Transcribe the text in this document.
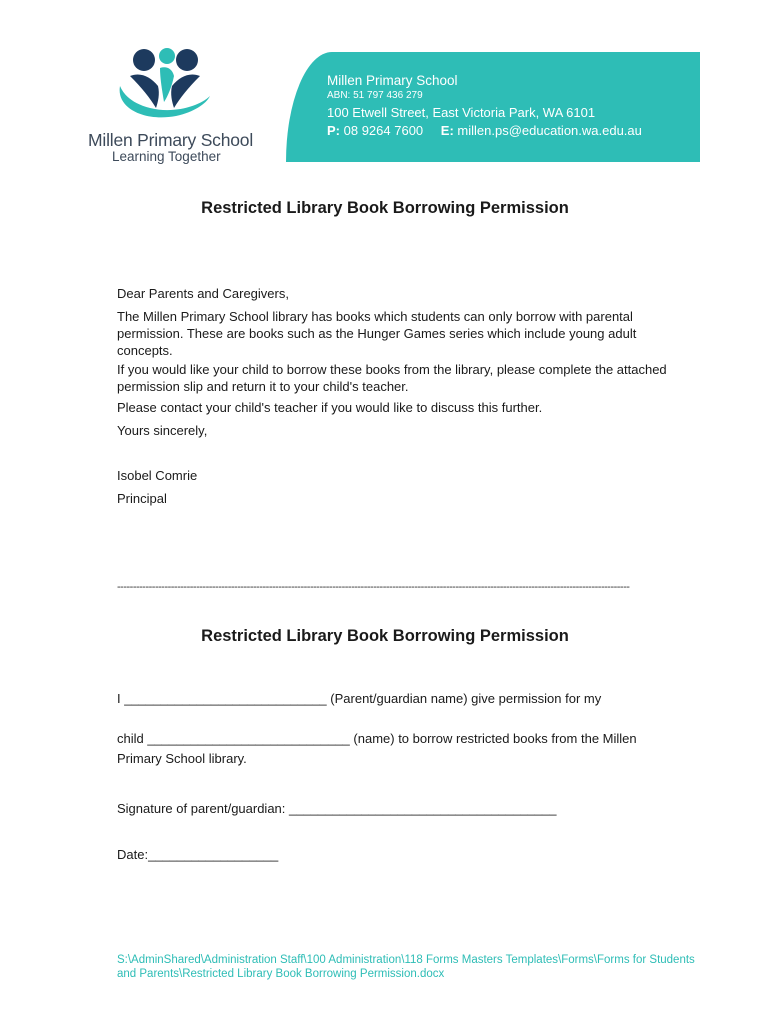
Millen Primary School
Learning Together
Millen Primary School
ABN: 51 797 436 279
100 Etwell Street, East Victoria Park, WA 6101
P: 08 9264 7600 E: millen.ps@education.wa.edu.au
Restricted Library Book Borrowing Permission
Dear Parents and Caregivers,
The Millen Primary School library has books which students can only borrow with parental permission. These are books such as the Hunger Games series which include young adult concepts.
If you would like your child to borrow these books from the library, please complete the attached permission slip and return it to your child's teacher.
Please contact your child's teacher if you would like to discuss this further.
Yours sincerely,
Isobel Comrie
Principal
------------------------------------------------------------------------------------------------------------------------------------------------------------------
Restricted Library Book Borrowing Permission
I ____________________________ (Parent/guardian name) give permission for my
child ____________________________ (name) to borrow restricted books from the Millen
Primary School library.
Signature of parent/guardian: _____________________________________
Date:__________________
S:\AdminShared\Administration Staff\100 Administration\118 Forms Masters Templates\Forms\Forms for Students and Parents\Restricted Library Book Borrowing Permission.docx
